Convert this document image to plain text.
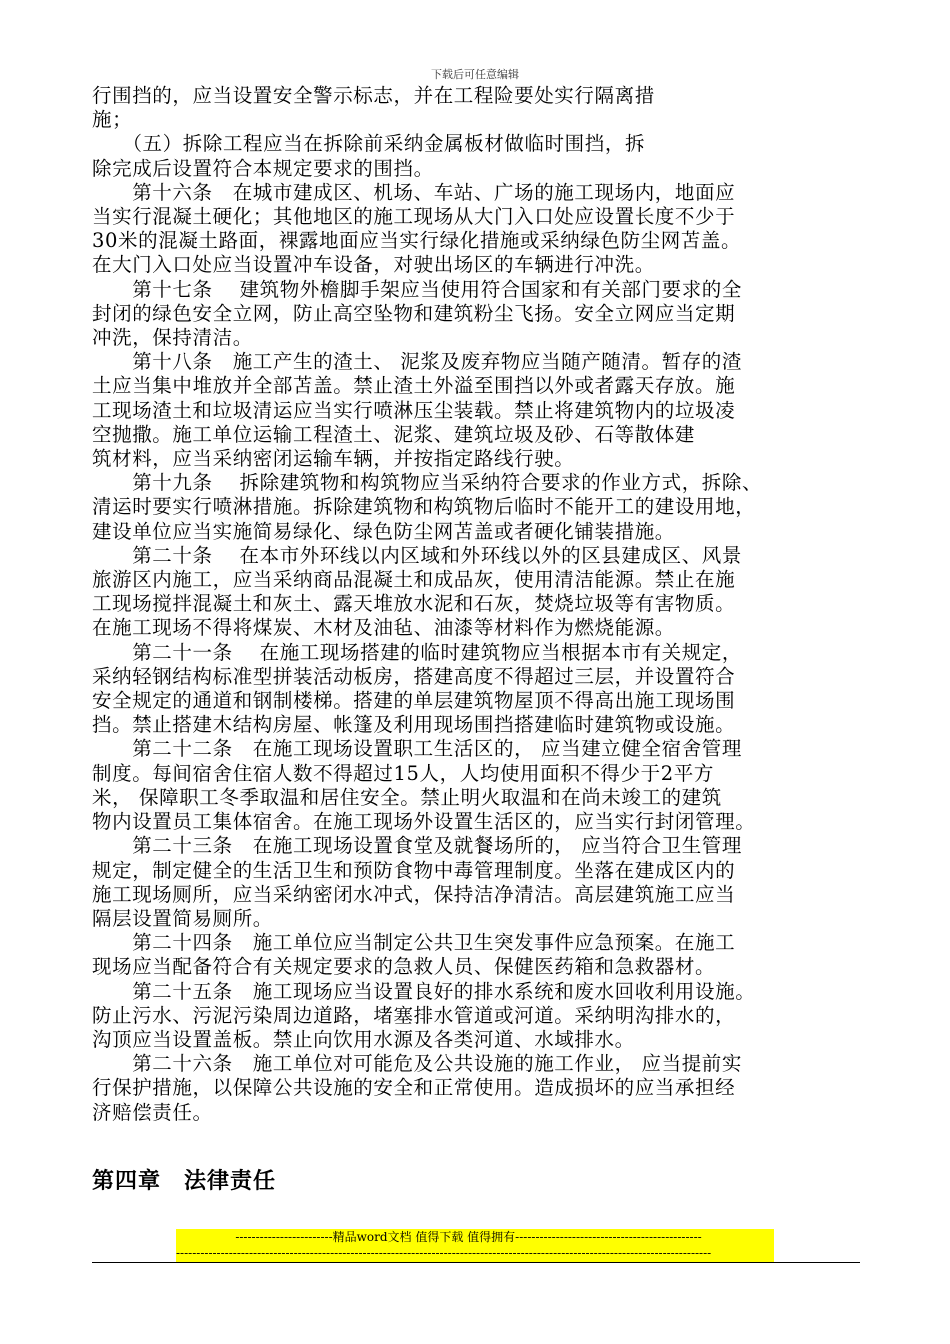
下载后可任意编辑
行围挡的，应当设置安全警示标志，并在工程险要处实行隔离措
施；
　　（五）拆除工程应当在拆除前采纳金属板材做临时围挡，拆
除完成后设置符合本规定要求的围挡。
　　第十六条　在城市建成区、机场、车站、广场的施工现场内，地面应
当实行混凝土硬化；其他地区的施工现场从大门入口处应设置长度不少于
30米的混凝土路面，裸露地面应当实行绿化措施或采纳绿色防尘网苫盖。
在大门入口处应当设置冲车设备，对驶出场区的车辆进行冲洗。
　　第十七条　 建筑物外檐脚手架应当使用符合国家和有关部门要求的全
封闭的绿色安全立网，防止高空坠物和建筑粉尘飞扬。安全立网应当定期
冲洗，保持清洁。
　　第十八条　施工产生的渣土、 泥浆及废弃物应当随产随清。暂存的渣
土应当集中堆放并全部苫盖。禁止渣土外溢至围挡以外或者露天存放。施
工现场渣土和垃圾清运应当实行喷淋压尘装载。禁止将建筑物内的垃圾凌
空抛撒。施工单位运输工程渣土、泥浆、建筑垃圾及砂、石等散体建
筑材料，应当采纳密闭运输车辆，并按指定路线行驶。
　　第十九条　 拆除建筑物和构筑物应当采纳符合要求的作业方式，拆除、
清运时要实行喷淋措施。拆除建筑物和构筑物后临时不能开工的建设用地，
建设单位应当实施简易绿化、绿色防尘网苫盖或者硬化铺装措施。
　　第二十条　 在本市外环线以内区域和外环线以外的区县建成区、风景
旅游区内施工，应当采纳商品混凝土和成品灰，使用清洁能源。禁止在施
工现场搅拌混凝土和灰土、露天堆放水泥和石灰，焚烧垃圾等有害物质。
在施工现场不得将煤炭、木材及油毡、油漆等材料作为燃烧能源。
　　第二十一条　 在施工现场搭建的临时建筑物应当根据本市有关规定，
采纳轻钢结构标准型拼装活动板房，搭建高度不得超过三层，并设置符合
安全规定的通道和钢制楼梯。搭建的单层建筑物屋顶不得高出施工现场围
挡。禁止搭建木结构房屋、帐篷及利用现场围挡搭建临时建筑物或设施。
　　第二十二条　在施工现场设置职工生活区的， 应当建立健全宿舍管理
制度。每间宿舍住宿人数不得超过15人，人均使用面积不得少于2平方
米， 保障职工冬季取温和居住安全。禁止明火取温和在尚未竣工的建筑
物内设置员工集体宿舍。在施工现场外设置生活区的，应当实行封闭管理。
　　第二十三条　在施工现场设置食堂及就餐场所的， 应当符合卫生管理
规定，制定健全的生活卫生和预防食物中毒管理制度。坐落在建成区内的
施工现场厕所，应当采纳密闭水冲式，保持洁净清洁。高层建筑施工应当
隔层设置简易厕所。
　　第二十四条　施工单位应当制定公共卫生突发事件应急预案。在施工
现场应当配备符合有关规定要求的急救人员、保健医药箱和急救器材。
　　第二十五条　施工现场应当设置良好的排水系统和废水回收利用设施。
防止污水、污泥污染周边道路，堵塞排水管道或河道。采纳明沟排水的，
沟顶应当设置盖板。禁止向饮用水源及各类河道、水域排水。
　　第二十六条　施工单位对可能危及公共设施的施工作业， 应当提前实
行保护措施，以保障公共设施的安全和正常使用。造成损坏的应当承担经
济赔偿责任。
第四章　法律责任
------------------------精品word文档 值得下载 值得拥有----------------------------------------------
------------------------------------------------------------------------------------------------------------------------------------
